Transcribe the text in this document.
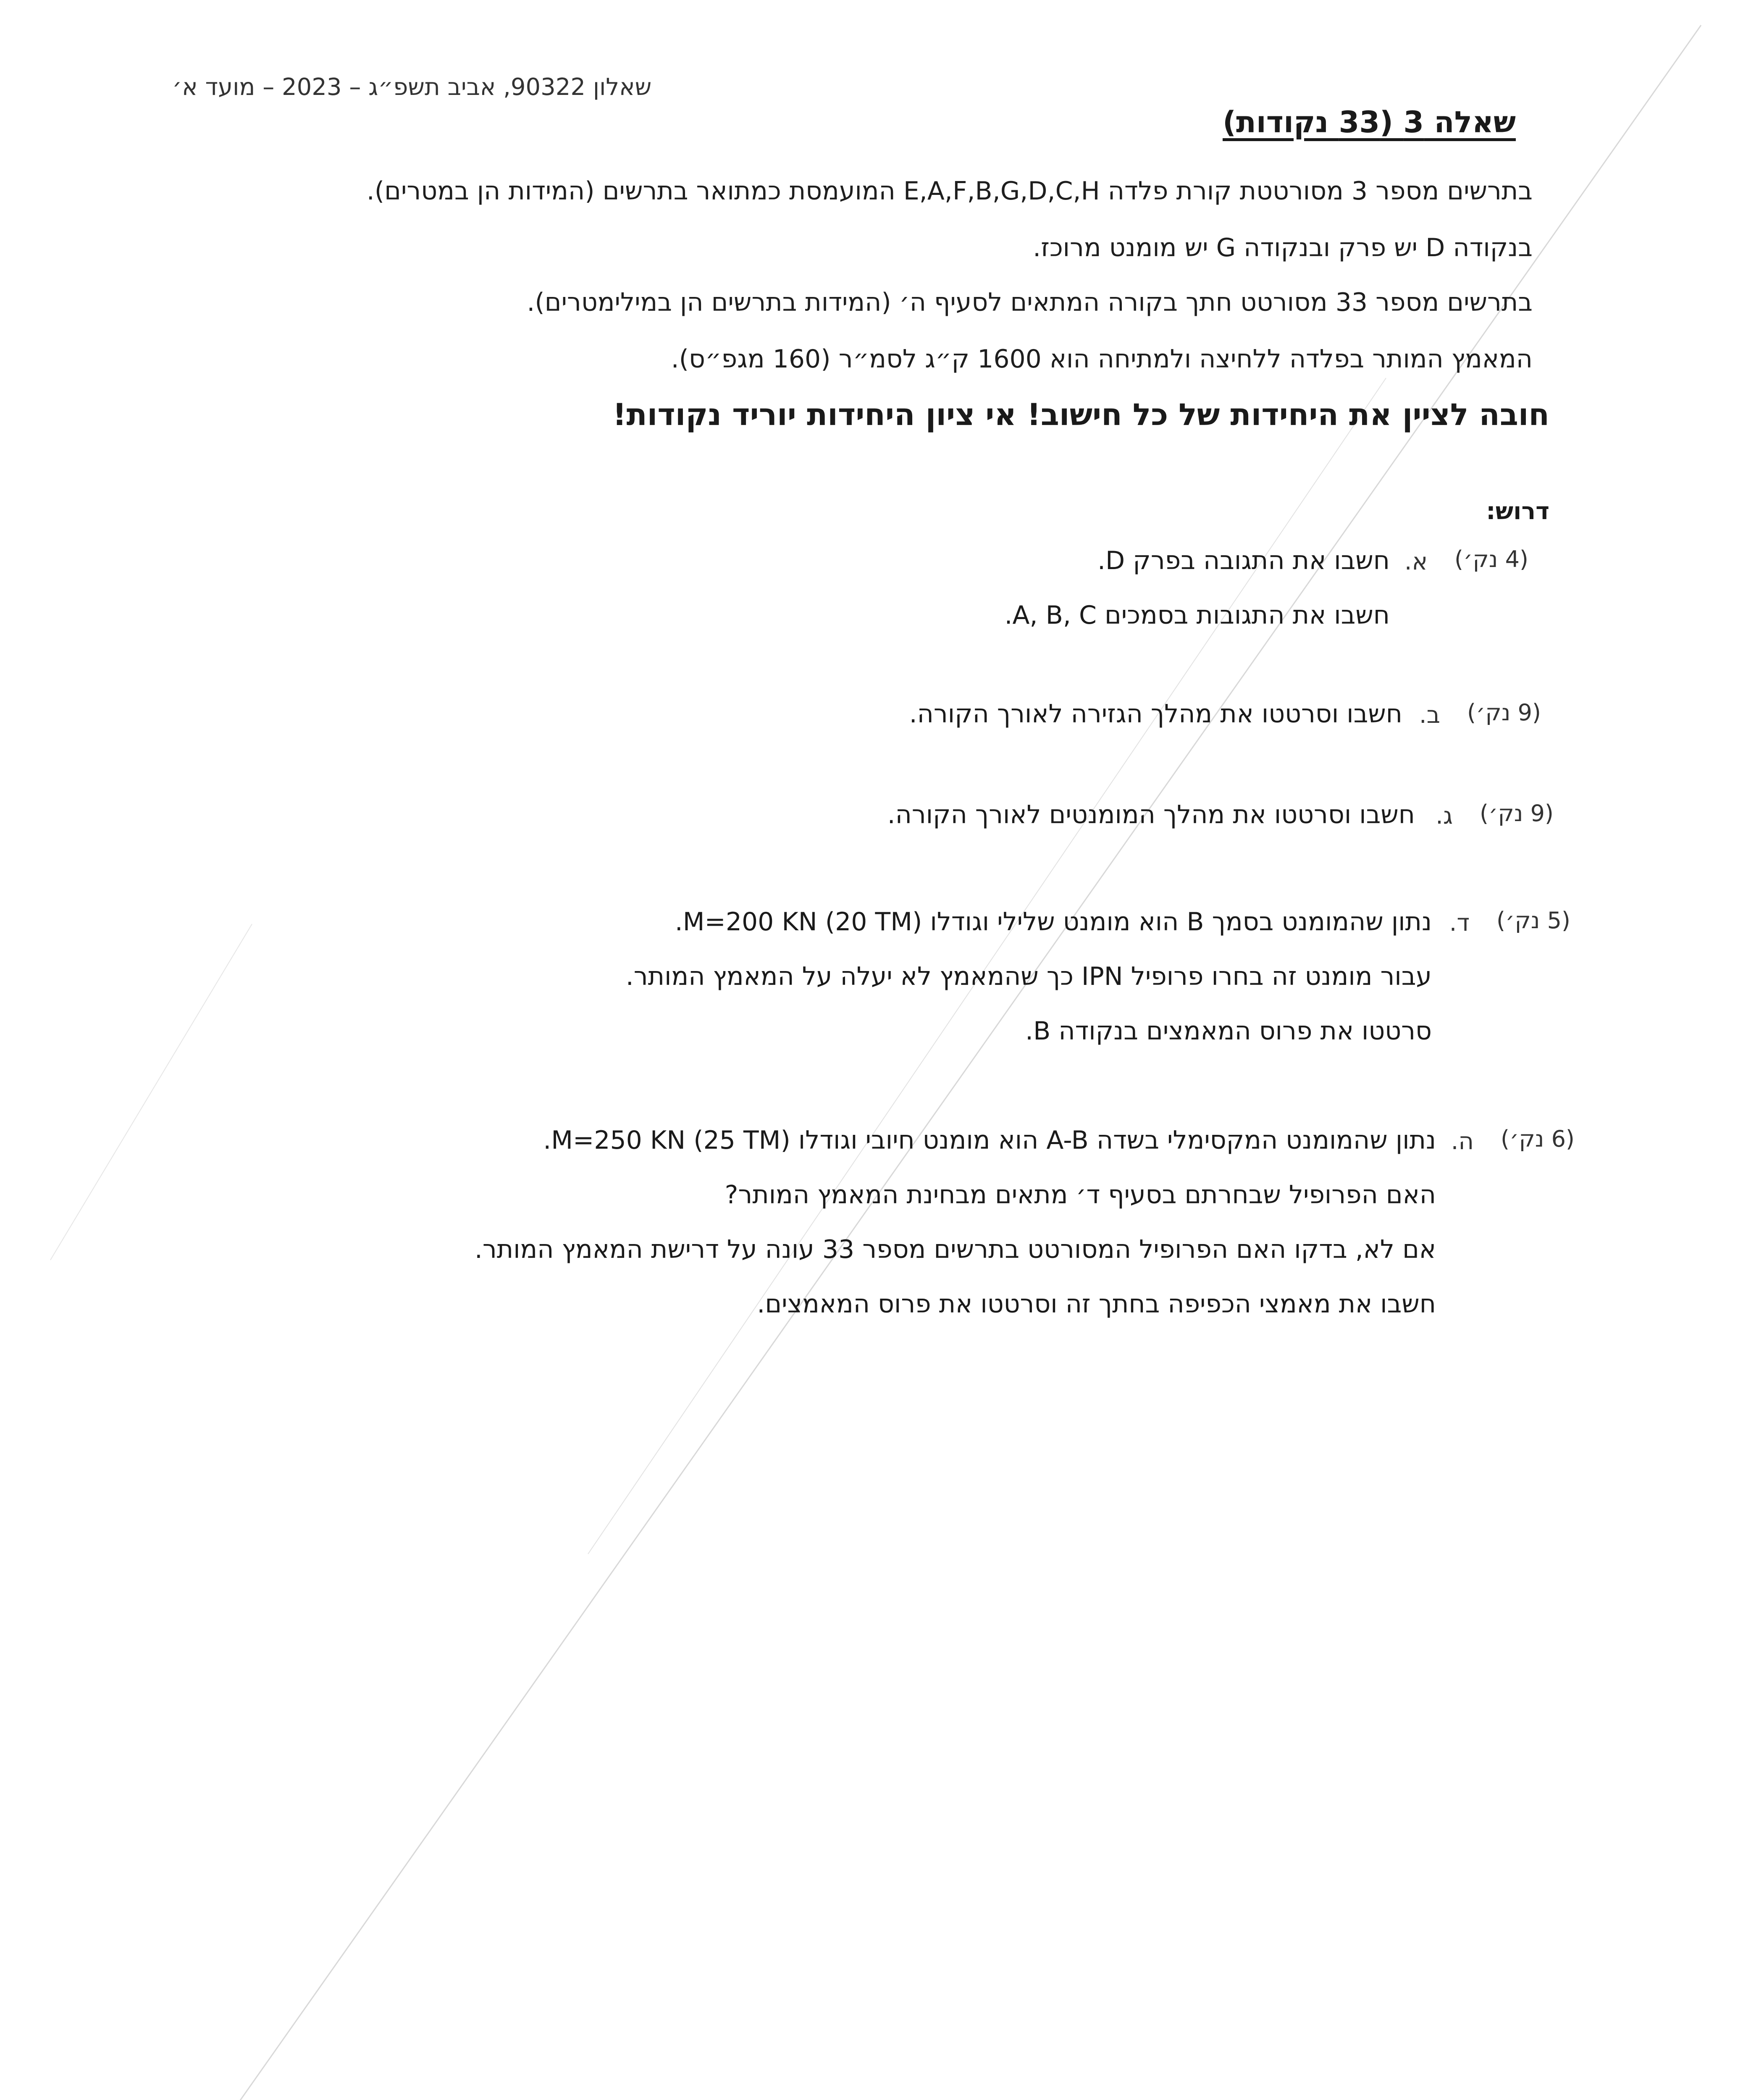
שאלון 90322, אביב תשפ״ג – 2023 – מועד א׳
שאלה 3 (33 נקודות)
בתרשים מספר 3 מסורטטת קורת פלדה E,A,F,B,G,D,C,H המועמסת כמתואר בתרשים (המידות הן במטרים).
בנקודה D יש פרק ובנקודה G יש מומנט מרוכז.
בתרשים מספר 33 מסורטט חתך בקורה המתאים לסעיף ה׳ (המידות בתרשים הן במילימטרים).
המאמץ המותר בפלדה ללחיצה ולמתיחה הוא 1600 ק״ג לסמ״ר (160 מגפ״ס).
חובה לציין את היחידות של כל חישוב! אי ציון היחידות יוריד נקודות!
דרוש:
(4 נק׳)
א.
חשבו את התגובה בפרק D.
חשבו את התגובות בסמכים A, B, C.
(9 נק׳)
ב.
חשבו וסרטטו את מהלך הגזירה לאורך הקורה.
(9 נק׳)
ג.
חשבו וסרטטו את מהלך המומנטים לאורך הקורה.
(5 נק׳)
ד.
נתון שהמומנט בסמך B הוא מומנט שלילי וגודלו M=200 KN (20 TM).
עבור מומנט זה בחרו פרופיל IPN כך שהמאמץ לא יעלה על המאמץ המותר.
סרטטו את פרוס המאמצים בנקודה B.
(6 נק׳)
ה.
נתון שהמומנט המקסימלי בשדה A-B הוא מומנט חיובי וגודלו M=250 KN (25 TM).
האם הפרופיל שבחרתם בסעיף ד׳ מתאים מבחינת המאמץ המותר?
אם לא, בדקו האם הפרופיל המסורטט בתרשים מספר 33 עונה על דרישת המאמץ המותר.
חשבו את מאמצי הכפיפה בחתך זה וסרטטו את פרוס המאמצים.
